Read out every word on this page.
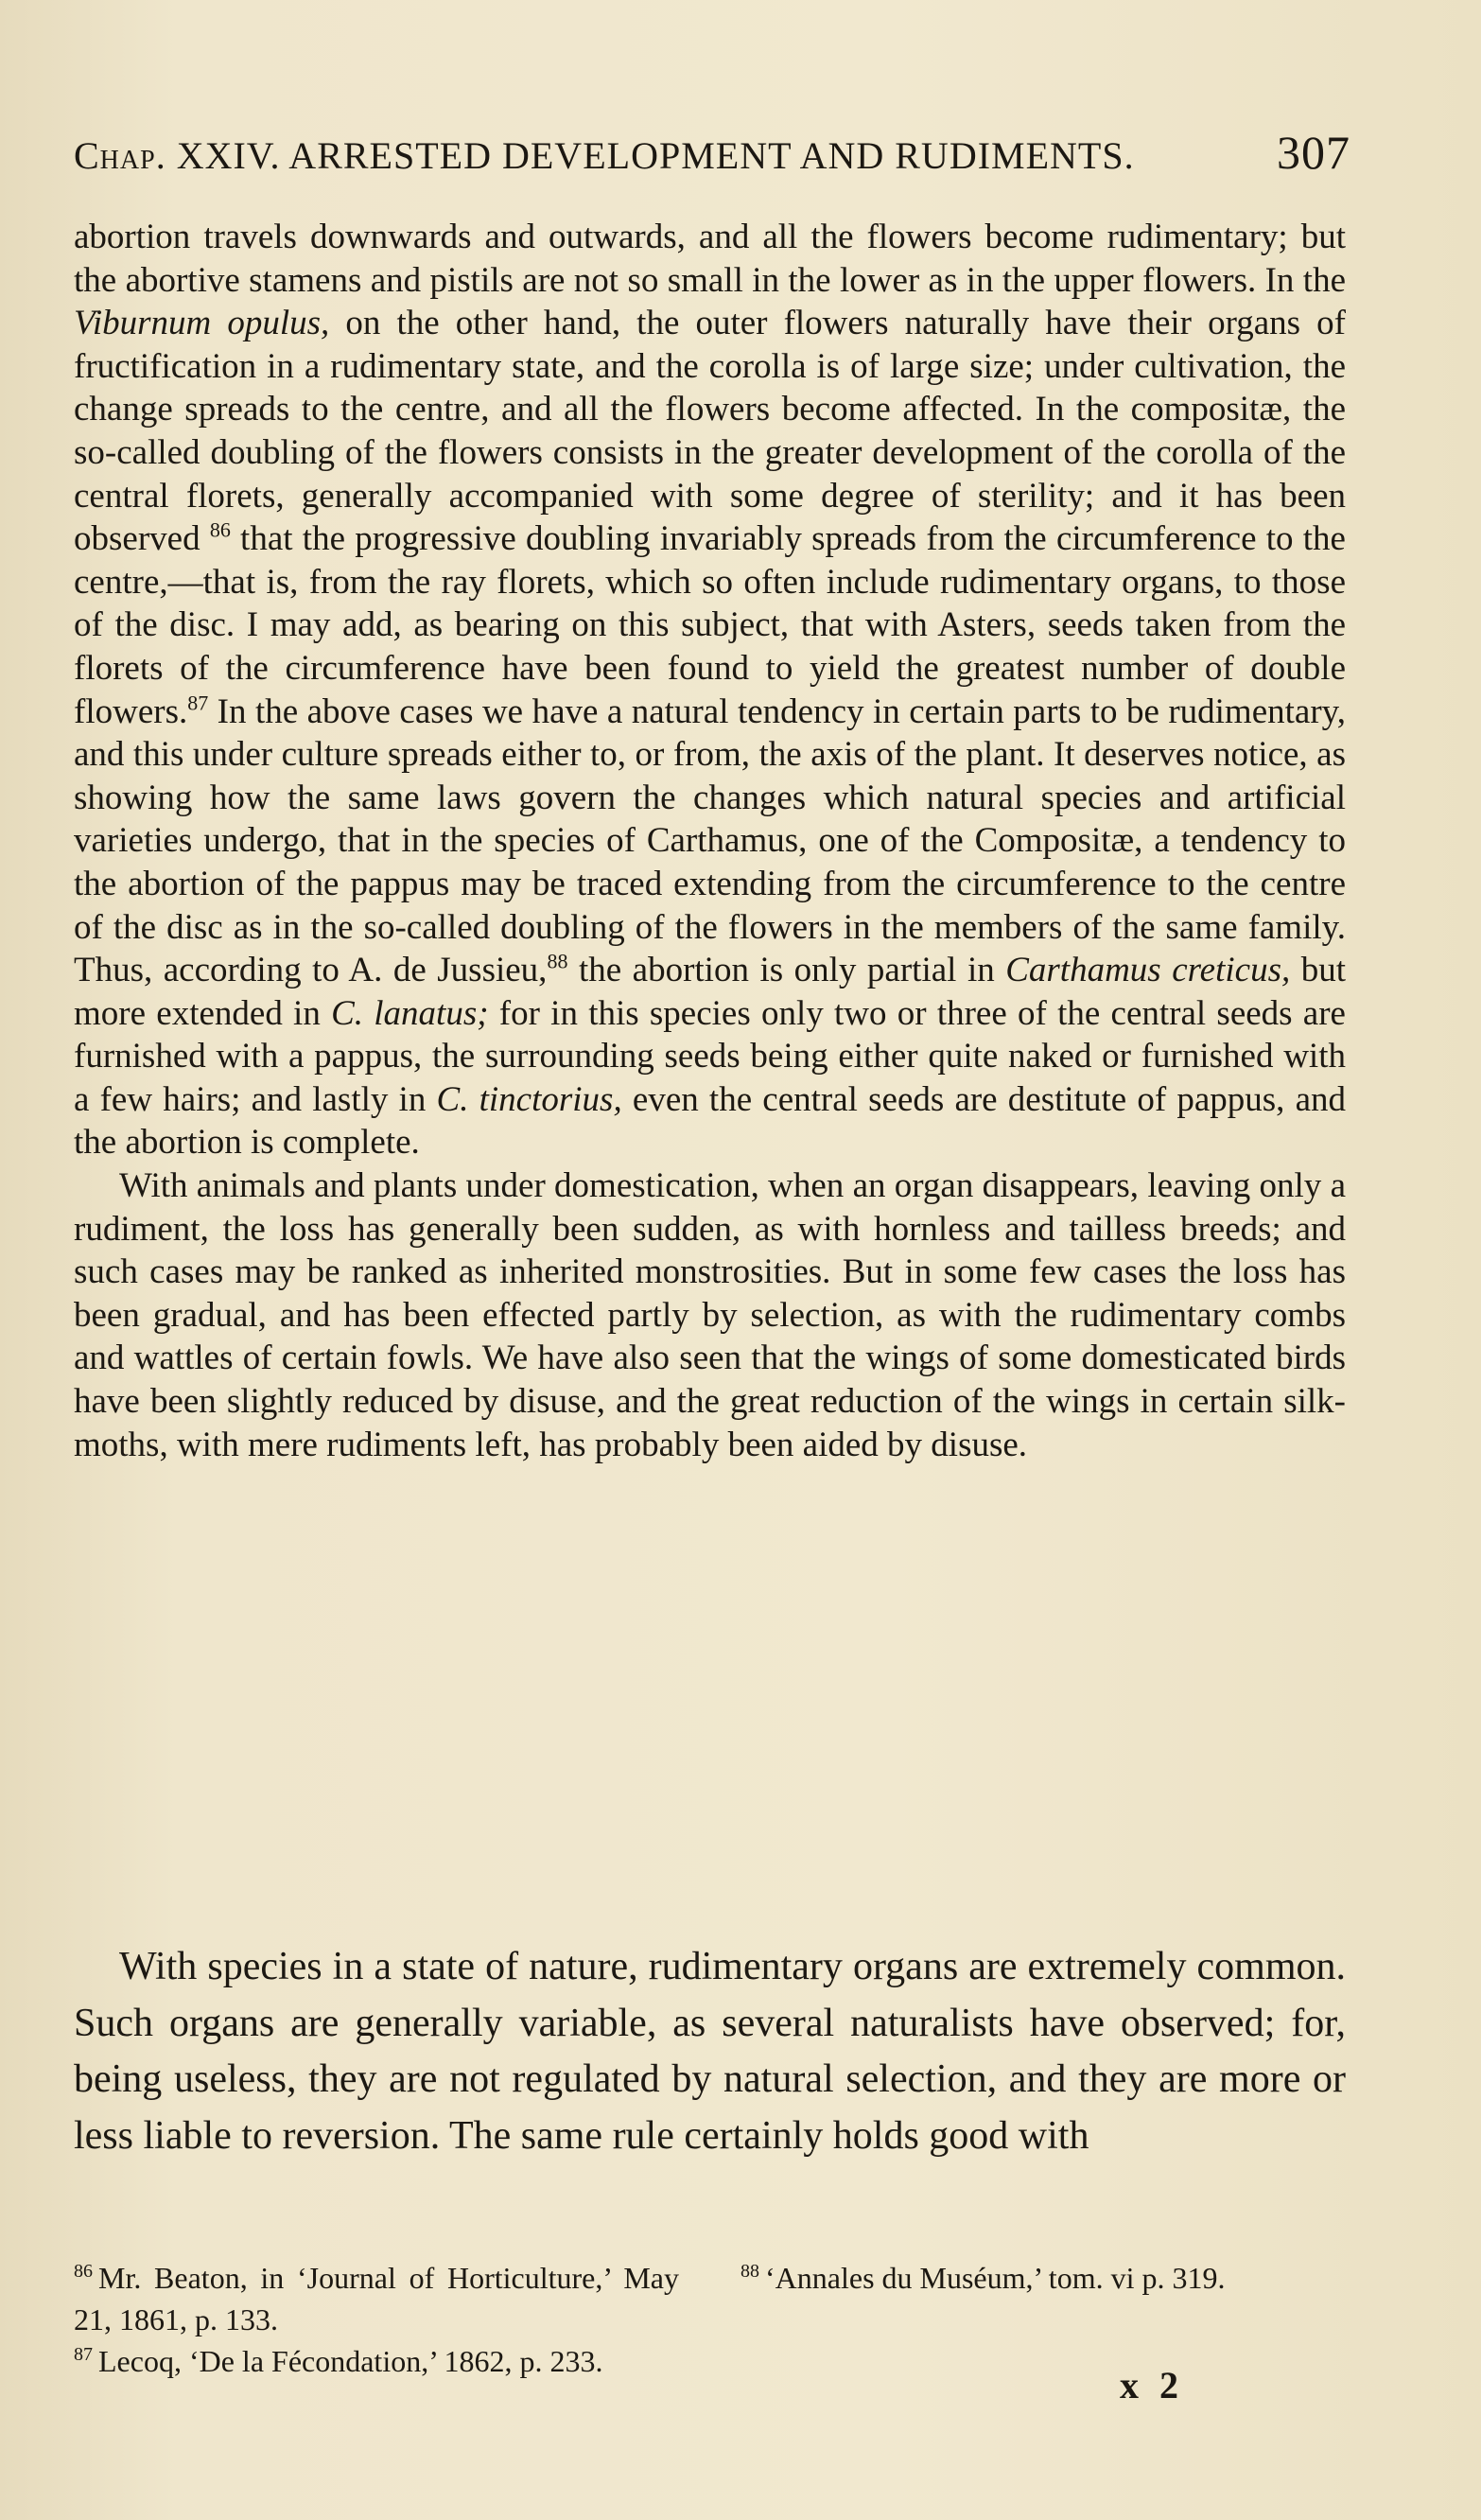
Chap. XXIV. ARRESTED DEVELOPMENT AND RUDIMENTS.	307

abortion travels downwards and outwards, and all the flowers become rudimentary; but the abortive stamens and pistils are not so small in the lower as in the upper flowers. In the Viburnum opulus, on the other hand, the outer flowers naturally have their organs of fructification in a rudimentary state, and the corolla is of large size; under cultivation, the change spreads to the centre, and all the flowers become affected. In the compositæ, the so-called doubling of the flowers consists in the greater development of the corolla of the central florets, generally accompanied with some degree of sterility; and it has been observed $^{86}$ that the progressive doubling invariably spreads from the circumference to the centre,—that is, from the ray florets, which so often include rudimentary organs, to those of the disc. I may add, as bearing on this subject, that with Asters, seeds taken from the florets of the circumference have been found to yield the greatest number of double flowers.$^{87}$ In the above cases we have a natural tendency in certain parts to be rudimentary, and this under culture spreads either to, or from, the axis of the plant. It deserves notice, as showing how the same laws govern the changes which natural species and artificial varieties undergo, that in the species of Carthamus, one of the Compositæ, a tendency to the abortion of the pappus may be traced extending from the circumference to the centre of the disc as in the so-called doubling of the flowers in the members of the same family. Thus, according to A. de Jussieu,$^{88}$ the abortion is only partial in Carthamus creticus, but more extended in C. lanatus; for in this species only two or three of the central seeds are furnished with a pappus, the surrounding seeds being either quite naked or furnished with a few hairs; and lastly in C. tinctorius, even the central seeds are destitute of pappus, and the abortion is complete.

With animals and plants under domestication, when an organ disappears, leaving only a rudiment, the loss has generally been sudden, as with hornless and tailless breeds; and such cases may be ranked as inherited monstrosities. But in some few cases the loss has been gradual, and has been effected partly by selection, as with the rudimentary combs and wattles of certain fowls. We have also seen that the wings of some domesticated birds have been slightly reduced by disuse, and the great reduction of the wings in certain silk-moths, with mere rudiments left, has probably been aided by disuse.

With species in a state of nature, rudimentary organs are extremely common. Such organs are generally variable, as several naturalists have observed; for, being useless, they are not regulated by natural selection, and they are more or less liable to reversion. The same rule certainly holds good with

$^{86}$ Mr. Beaton, in ‘Journal of Horticulture,’ May 21, 1861, p. 133.

$^{87}$ Lecoq, ‘De la Fécondation,’ 1862, p. 233.

$^{88}$ ‘Annales du Muséum,’ tom. vi p. 319.

x 2
